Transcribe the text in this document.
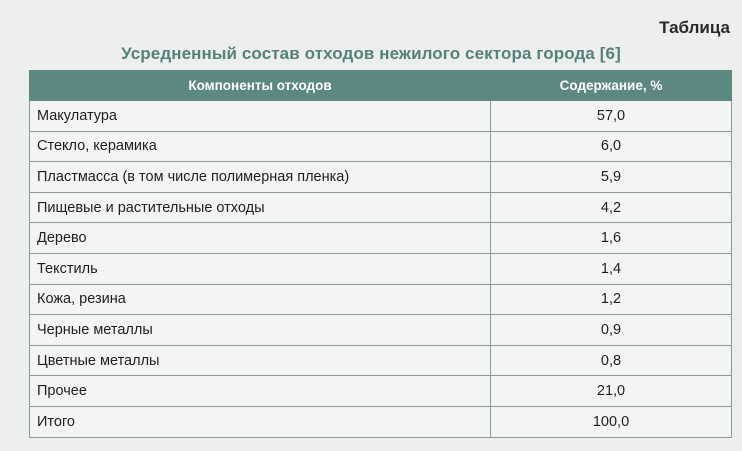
Таблица
Усредненный состав отходов нежилого сектора города [6]
Компоненты отходов	Содержание, %
Макулатура	57,0
Стекло, керамика	6,0
Пластмасса (в том числе полимерная пленка)	5,9
Пищевые и растительные отходы	4,2
Дерево	1,6
Текстиль	1,4
Кожа, резина	1,2
Черные металлы	0,9
Цветные металлы	0,8
Прочее	21,0
Итого	100,0
